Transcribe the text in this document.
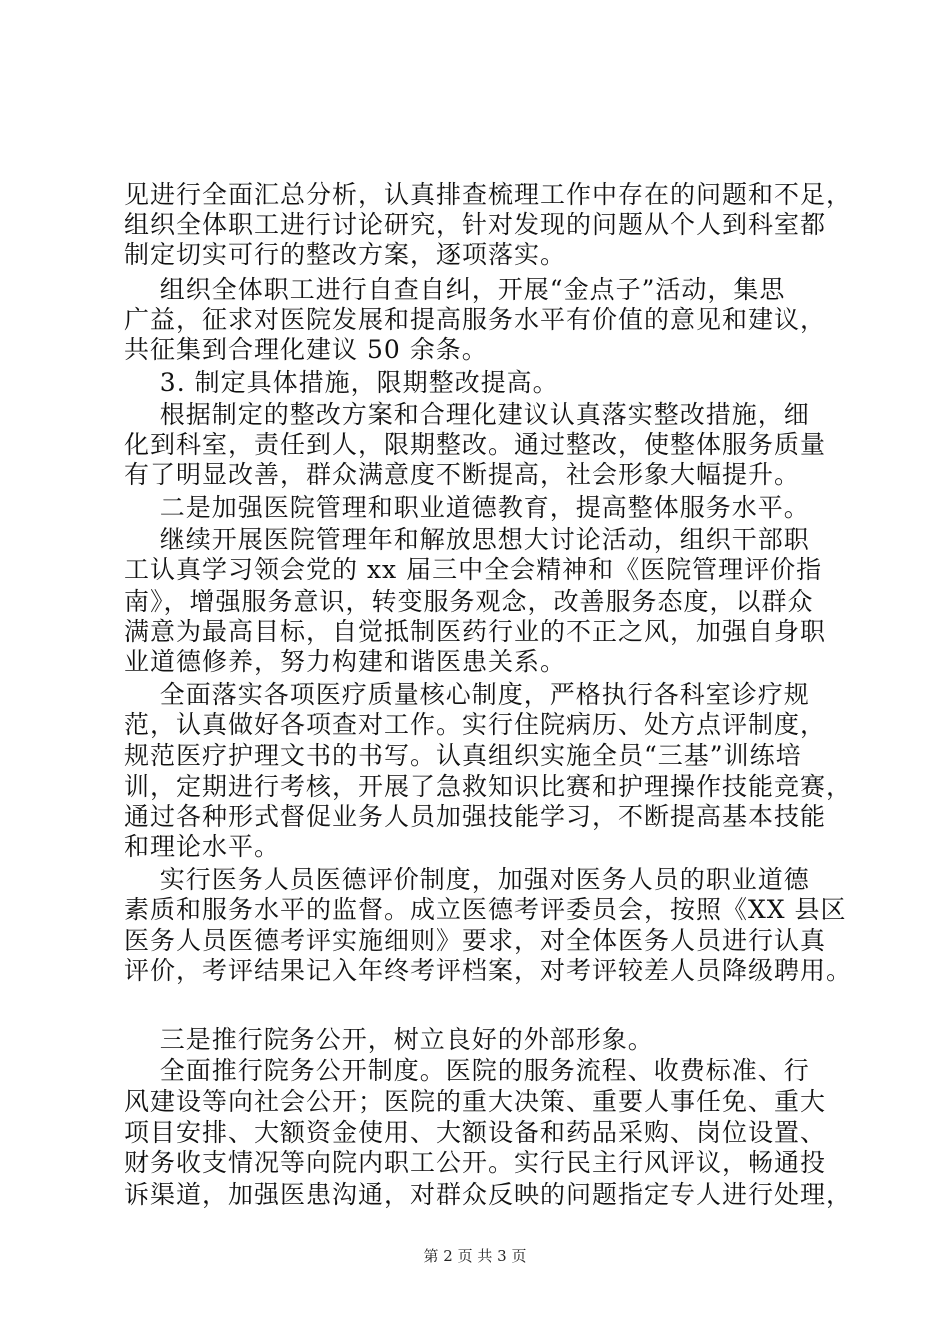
见进行全面汇总分析，认真排查梳理工作中存在的问题和不足，
组织全体职工进行讨论研究，针对发现的问题从个人到科室都
制定切实可行的整改方案，逐项落实。
组织全体职工进行自查自纠，开展“金点子”活动，集思
广益，征求对医院发展和提高服务水平有价值的意见和建议，
共征集到合理化建议 50 余条。
3. 制定具体措施，限期整改提高。
根据制定的整改方案和合理化建议认真落实整改措施，细
化到科室，责任到人，限期整改。通过整改，使整体服务质量
有了明显改善，群众满意度不断提高，社会形象大幅提升。
二是加强医院管理和职业道德教育，提高整体服务水平。
继续开展医院管理年和解放思想大讨论活动，组织干部职
工认真学习领会党的 xx 届三中全会精神和《医院管理评价指
南》，增强服务意识，转变服务观念，改善服务态度，以群众
满意为最高目标，自觉抵制医药行业的不正之风，加强自身职
业道德修养，努力构建和谐医患关系。
全面落实各项医疗质量核心制度，严格执行各科室诊疗规
范，认真做好各项查对工作。实行住院病历、处方点评制度，
规范医疗护理文书的书写。认真组织实施全员“三基”训练培
训，定期进行考核，开展了急救知识比赛和护理操作技能竞赛，
通过各种形式督促业务人员加强技能学习，不断提高基本技能
和理论水平。
实行医务人员医德评价制度，加强对医务人员的职业道德
素质和服务水平的监督。成立医德考评委员会，按照《XX 县区
医务人员医德考评实施细则》要求，对全体医务人员进行认真
评价，考评结果记入年终考评档案，对考评较差人员降级聘用。
三是推行院务公开，树立良好的外部形象。
全面推行院务公开制度。医院的服务流程、收费标准、行
风建设等向社会公开；医院的重大决策、重要人事任免、重大
项目安排、大额资金使用、大额设备和药品采购、岗位设置、
财务收支情况等向院内职工公开。实行民主行风评议，畅通投
诉渠道，加强医患沟通，对群众反映的问题指定专人进行处理，
第 2 页 共 3 页
